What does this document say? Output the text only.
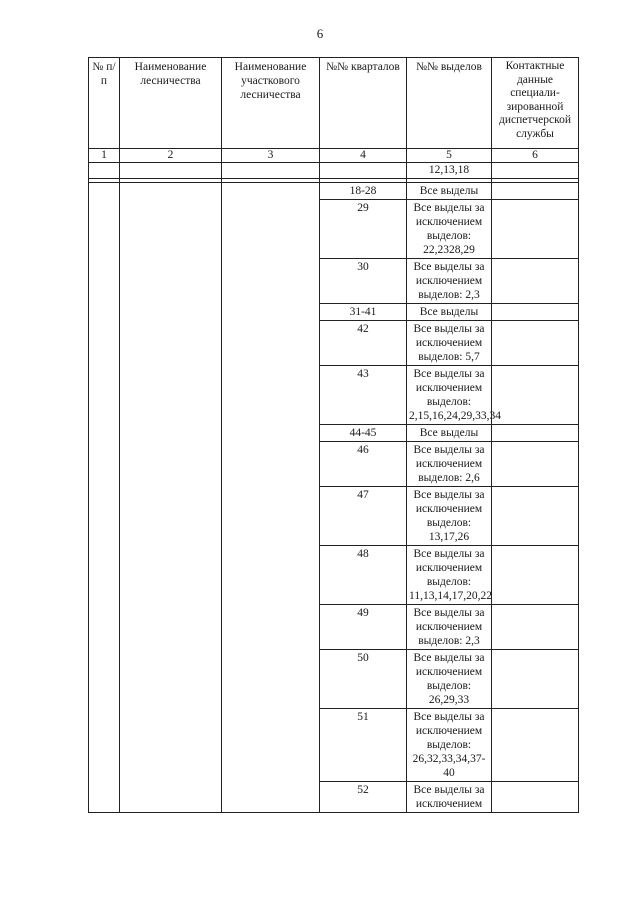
6
№ п/п	Наименование лесничества	Наименование участкового лесничества	№№ кварталов	№№ выделов	Контактные данные специали-зированной диспетчерской службы
1	2	3	4	5	6
				12,13,18	

			18-28	Все выделы	
			29	Все выделы за исключением выделов: 22,2328,29	
			30	Все выделы за исключением выделов: 2,3	
			31-41	Все выделы	
			42	Все выделы за исключением выделов: 5,7	
			43	Все выделы за исключением выделов: 2,15,16,24,29,33,34	
			44-45	Все выделы	
			46	Все выделы за исключением выделов: 2,6	
			47	Все выделы за исключением выделов: 13,17,26	
			48	Все выделы за исключением выделов: 11,13,14,17,20,22	
			49	Все выделы за исключением выделов: 2,3	
			50	Все выделы за исключением выделов: 26,29,33	
			51	Все выделы за исключением выделов: 26,32,33,34,37-40	
			52	Все выделы за исключением	
